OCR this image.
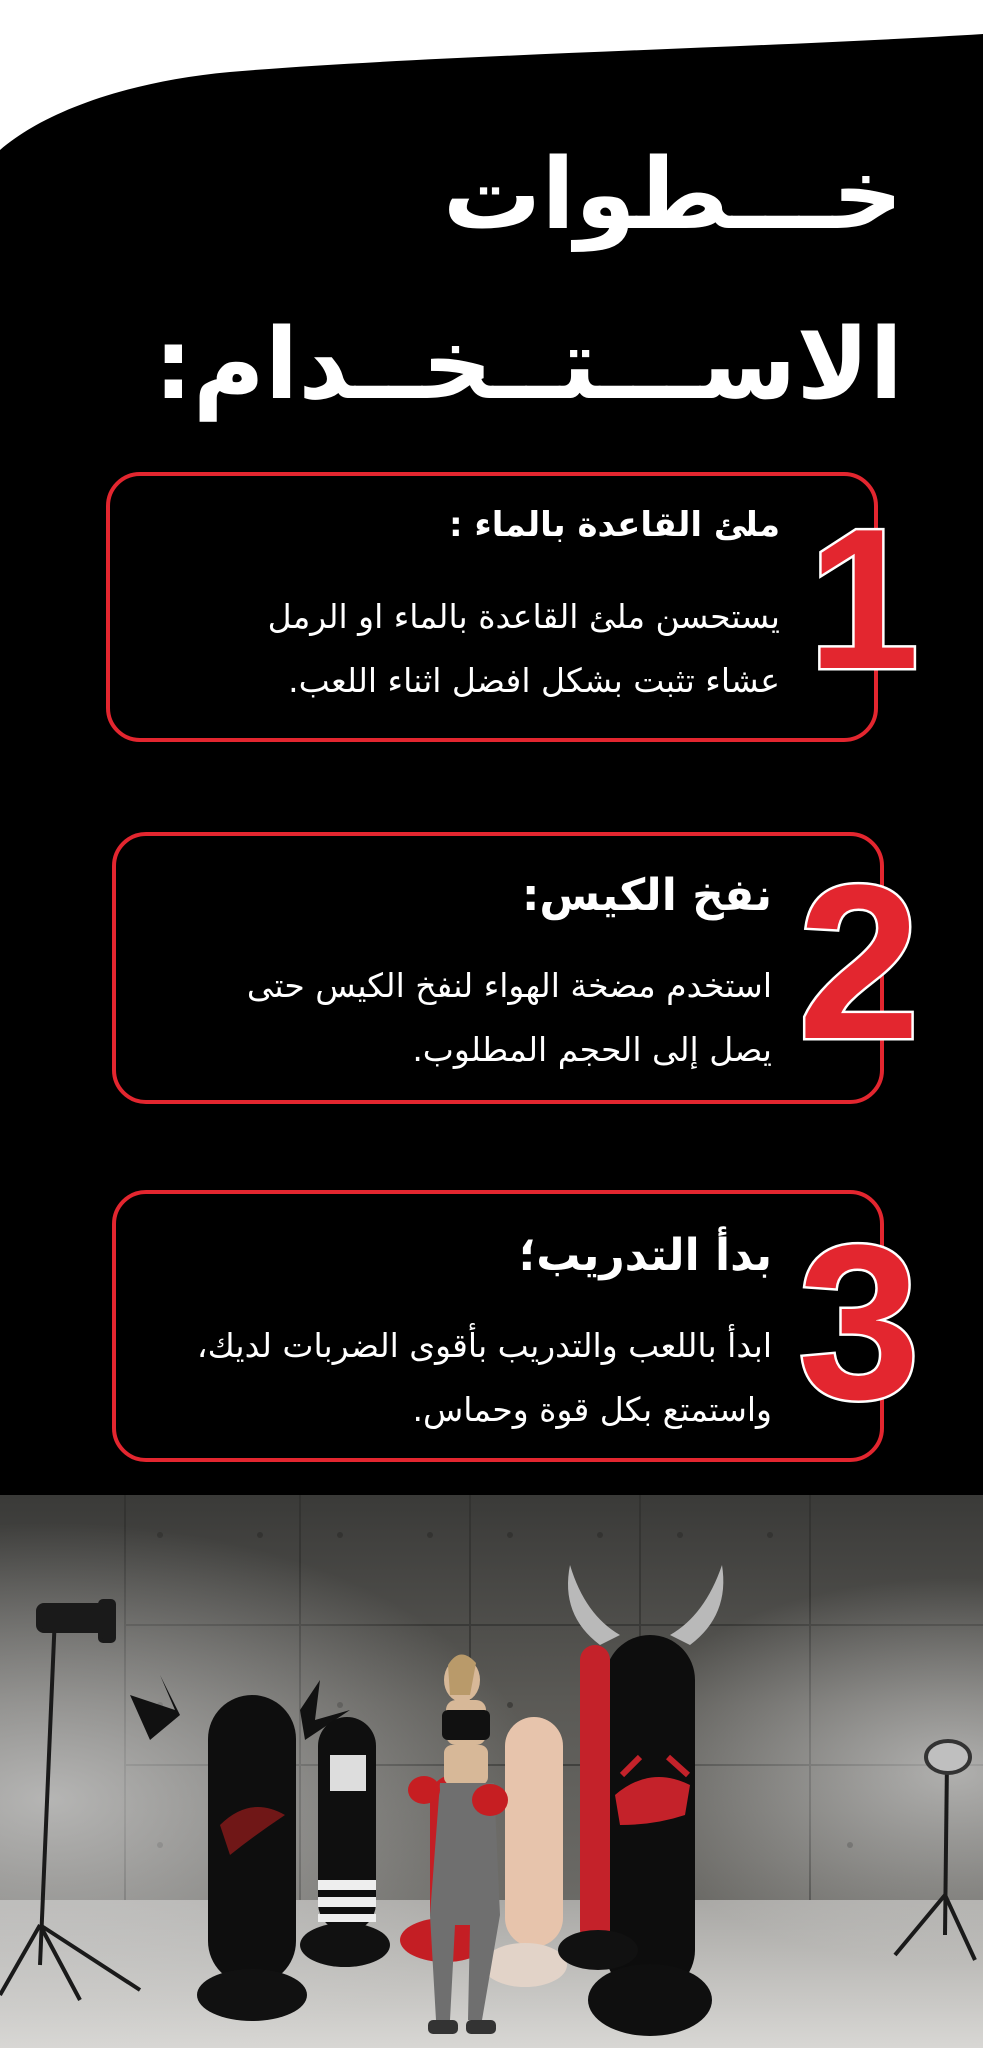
خـــطوات
الاســـتــخــدام:
1
ملئ القاعدة بالماء :
يستحسن ملئ القاعدة بالماء او الرمل
عشاء تثبت بشكل افضل اثناء اللعب.
2
نفخ الكيس:
استخدم مضخة الهواء لنفخ الكيس حتى
يصل إلى الحجم المطلوب.
3
بدأ التدريب؛
ابدأ باللعب والتدريب بأقوى الضربات لديك،
واستمتع بكل قوة وحماس.
